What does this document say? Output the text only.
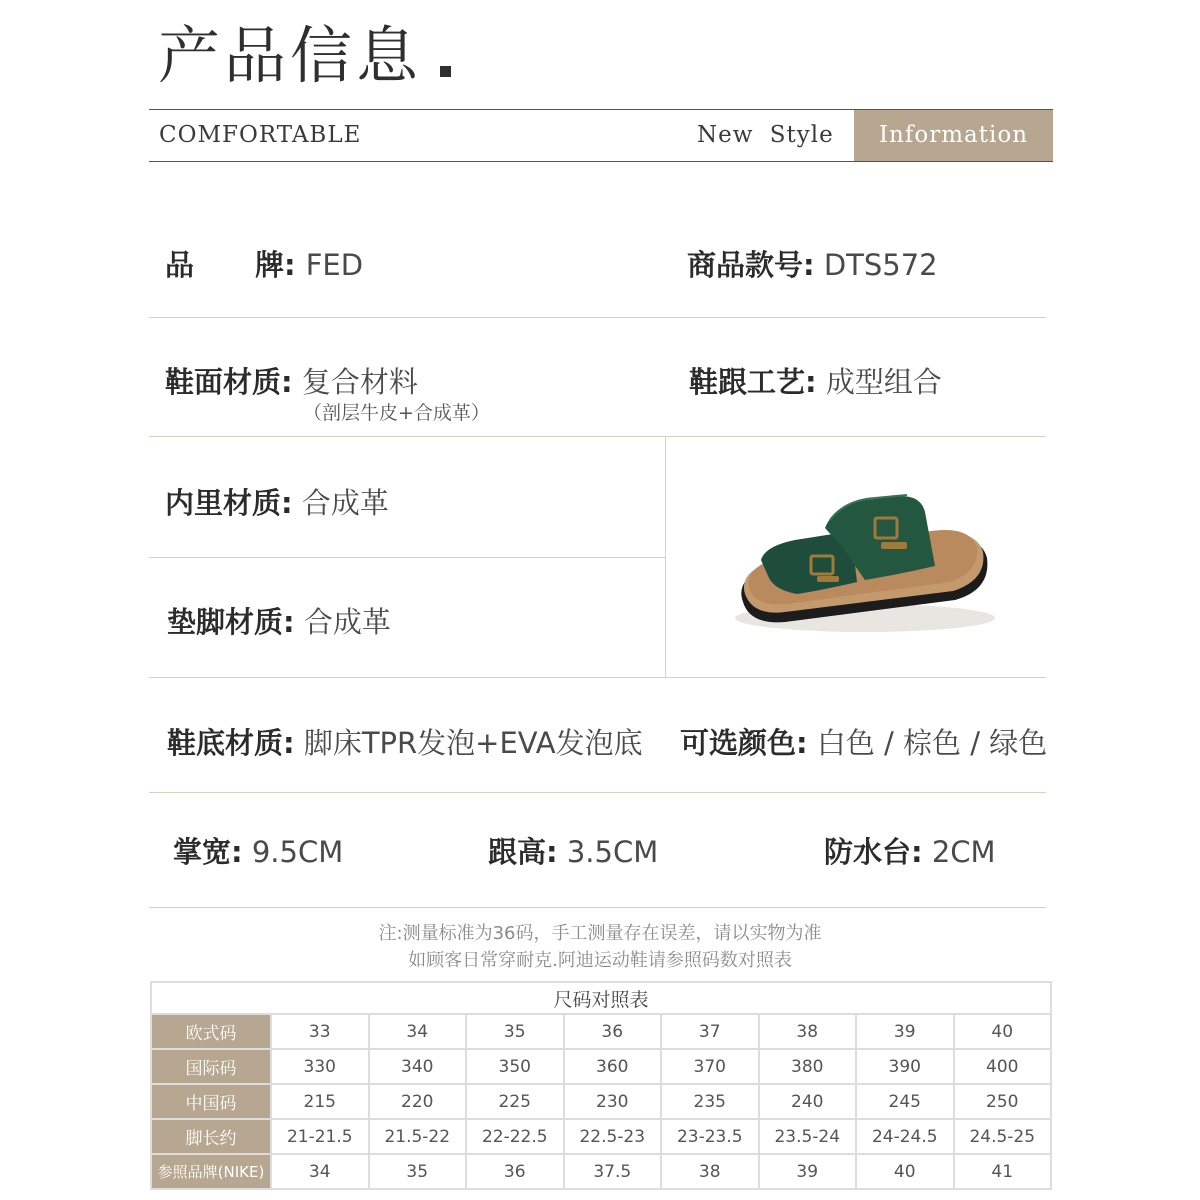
产品信息
COMFORTABLE	New Style	Information
品 牌: FED	商品款号: DTS572
鞋面材质: 复合材料
（剖层牛皮+合成革）
鞋跟工艺: 成型组合
内里材质: 合成革
垫脚材质: 合成革
鞋底材质: 脚床TPR发泡+EVA发泡底 可选颜色: 白色 / 棕色 / 绿色
掌宽: 9.5CM	跟高: 3.5CM	防水台: 2CM
注:测量标准为36码，手工测量存在误差，请以实物为准
如顾客日常穿耐克.阿迪运动鞋请参照码数对照表
尺码对照表								
欧式码	33	34	35	36	37	38	39	40
国际码	330	340	350	360	370	380	390	400
中国码	215	220	225	230	235	240	245	250
脚长约	21-21.5	21.5-22	22-22.5	22.5-23	23-23.5	23.5-24	24-24.5	24.5-25
参照品牌(NIKE)	34	35	36	37.5	38	39	40	41
